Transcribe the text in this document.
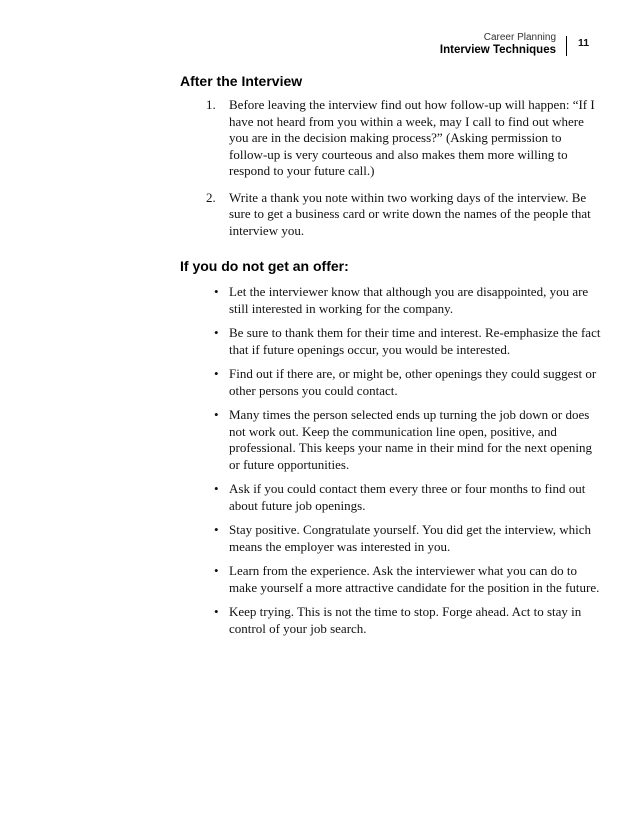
Career Planning
Interview Techniques
11
After the Interview
1. Before leaving the interview find out how follow-up will happen: “If I have not heard from you within a week, may I call to find out where you are in the decision making process?” (Asking permission to follow-up is very courteous and also makes them more willing to respond to your future call.)
2. Write a thank you note within two working days of the interview. Be sure to get a business card or write down the names of the people that interview you.
If you do not get an offer:
• Let the interviewer know that although you are disappointed, you are still interested in working for the company.
• Be sure to thank them for their time and interest. Re-emphasize the fact that if future openings occur, you would be interested.
• Find out if there are, or might be, other openings they could suggest or other persons you could contact.
• Many times the person selected ends up turning the job down or does not work out. Keep the communication line open, positive, and professional. This keeps your name in their mind for the next opening or future opportunities.
• Ask if you could contact them every three or four months to find out about future job openings.
• Stay positive. Congratulate yourself. You did get the interview, which means the employer was interested in you.
• Learn from the experience. Ask the interviewer what you can do to make yourself a more attractive candidate for the position in the future.
• Keep trying. This is not the time to stop. Forge ahead. Act to stay in control of your job search.
